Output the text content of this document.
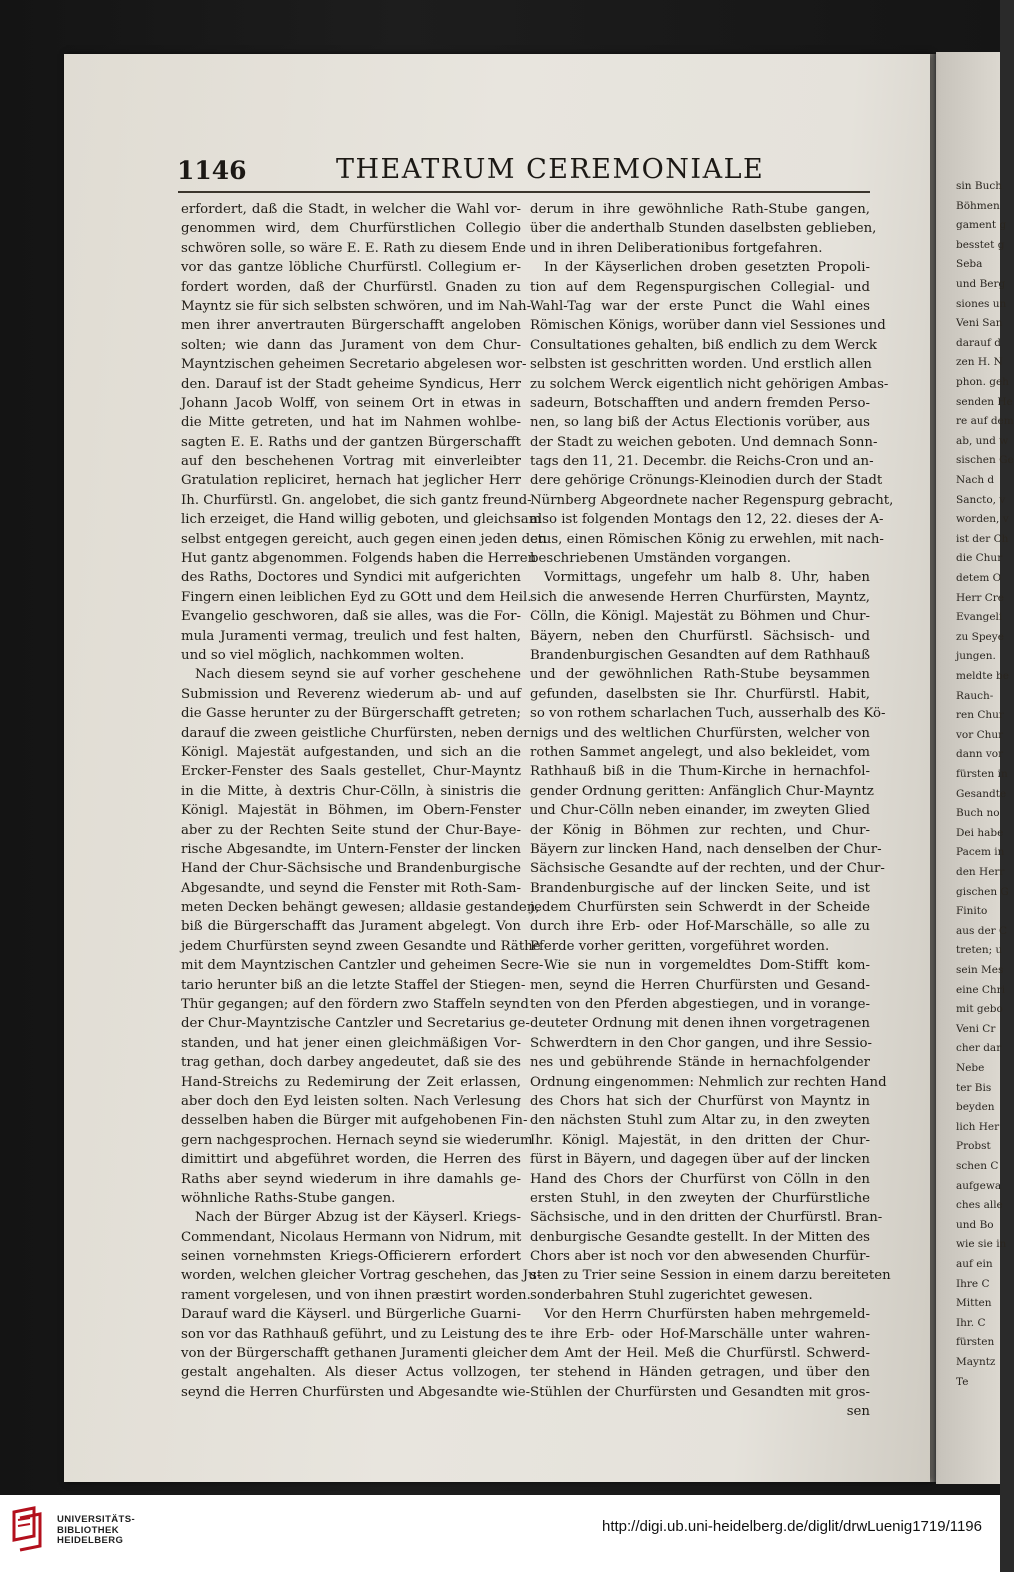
sin Buch
Böhmen
gament g
besstet g
Seba
und Berg
siones un
Veni San
darauf d
zen H. N
phon. geh
senden He
re auf dem
ab, und w
sischen Ge
Nach d
Sancto, v
worden, v
ist der Ch
die Chur
detem O
Herr Cre
Evangeli
zu Speye
jungen.
meldte be
Rauch-
ren Chur
vor Chur
dann vor
fürsten in
Gesandte
Buch no
Dei habe
Pacem in
den Herr
gischen G
Finito
aus der C
treten; u
sein Mes
eine Chri
mit gebo
Veni Cr
cher dar
Nebe
ter Bis
beyden
lich Her
Probst
schen C
aufgewa
ches alle
und Bo
wie sie in
auf ein
Ihre C
Mitten
Ihr. C
fürsten
Mayntz
Te
1146	THEATRUM CEREMONIALE
erfordert, daß die Stadt, in welcher die Wahl vor-
genommen wird, dem Churfürstlichen Collegio
schwören solle, so wäre E. E. Rath zu diesem Ende
vor das gantze löbliche Churfürstl. Collegium er-
fordert worden, daß der Churfürstl. Gnaden zu
Mayntz sie für sich selbsten schwören, und im Nah-
men ihrer anvertrauten Bürgerschafft angeloben
solten; wie dann das Jurament von dem Chur-
Mayntzischen geheimen Secretario abgelesen wor-
den. Darauf ist der Stadt geheime Syndicus, Herr
Johann Jacob Wolff, von seinem Ort in etwas in
die Mitte getreten, und hat im Nahmen wohlbe-
sagten E. E. Raths und der gantzen Bürgerschafft
auf den beschehenen Vortrag mit einverleibter
Gratulation repliciret, hernach hat jeglicher Herr
Ih. Churfürstl. Gn. angelobet, die sich gantz freund-
lich erzeiget, die Hand willig geboten, und gleichsam
selbst entgegen gereicht, auch gegen einen jeden den
Hut gantz abgenommen. Folgends haben die Herren
des Raths, Doctores und Syndici mit aufgerichten
Fingern einen leiblichen Eyd zu GOtt und dem Heil.
Evangelio geschworen, daß sie alles, was die For-
mula Juramenti vermag, treulich und fest halten,
und so viel möglich, nachkommen wolten.
Nach diesem seynd sie auf vorher geschehene
Submission und Reverenz wiederum ab- und auf
die Gasse herunter zu der Bürgerschafft getreten;
darauf die zween geistliche Churfürsten, neben der
Königl. Majestät aufgestanden, und sich an die
Ercker-Fenster des Saals gestellet, Chur-Mayntz
in die Mitte, à dextris Chur-Cölln, à sinistris die
Königl. Majestät in Böhmen, im Obern-Fenster
aber zu der Rechten Seite stund der Chur-Baye-
rische Abgesandte, im Untern-Fenster der lincken
Hand der Chur-Sächsische und Brandenburgische
Abgesandte, und seynd die Fenster mit Roth-Sam-
meten Decken behängt gewesen; alldasie gestanden,
biß die Bürgerschafft das Jurament abgelegt. Von
jedem Churfürsten seynd zween Gesandte und Räthe
mit dem Mayntzischen Cantzler und geheimen Secre-
tario herunter biß an die letzte Staffel der Stiegen-
Thür gegangen; auf den fördern zwo Staffeln seynd
der Chur-Mayntzische Cantzler und Secretarius ge-
standen, und hat jener einen gleichmäßigen Vor-
trag gethan, doch darbey angedeutet, daß sie des
Hand-Streichs zu Redemirung der Zeit erlassen,
aber doch den Eyd leisten solten. Nach Verlesung
desselben haben die Bürger mit aufgehobenen Fin-
gern nachgesprochen. Hernach seynd sie wiederum
dimittirt und abgeführet worden, die Herren des
Raths aber seynd wiederum in ihre damahls ge-
wöhnliche Raths-Stube gangen.
Nach der Bürger Abzug ist der Käyserl. Kriegs-
Commendant, Nicolaus Hermann von Nidrum, mit
seinen vornehmsten Kriegs-Officierern erfordert
worden, welchen gleicher Vortrag geschehen, das Ju-
rament vorgelesen, und von ihnen præstirt worden.
Darauf ward die Käyserl. und Bürgerliche Guarni-
son vor das Rathhauß geführt, und zu Leistung des
von der Bürgerschafft gethanen Juramenti gleicher
gestalt angehalten. Als dieser Actus vollzogen,
seynd die Herren Churfürsten und Abgesandte wie-
derum in ihre gewöhnliche Rath-Stube gangen,
über die anderthalb Stunden daselbsten geblieben,
und in ihren Deliberationibus fortgefahren.
In der Käyserlichen droben gesetzten Propoli-
tion auf dem Regenspurgischen Collegial- und
Wahl-Tag war der erste Punct die Wahl eines
Römischen Königs, worüber dann viel Sessiones und
Consultationes gehalten, biß endlich zu dem Werck
selbsten ist geschritten worden. Und erstlich allen
zu solchem Werck eigentlich nicht gehörigen Ambas-
sadeurn, Botschafften und andern fremden Perso-
nen, so lang biß der Actus Electionis vorüber, aus
der Stadt zu weichen geboten. Und demnach Sonn-
tags den 11, 21. Decembr. die Reichs-Cron und an-
dere gehörige Crönungs-Kleinodien durch der Stadt
Nürnberg Abgeordnete nacher Regenspurg gebracht,
also ist folgenden Montags den 12, 22. dieses der A-
ctus, einen Römischen König zu erwehlen, mit nach-
beschriebenen Umständen vorgangen.
Vormittags, ungefehr um halb 8. Uhr, haben
sich die anwesende Herren Churfürsten, Mayntz,
Cölln, die Königl. Majestät zu Böhmen und Chur-
Bäyern, neben den Churfürstl. Sächsisch- und
Brandenburgischen Gesandten auf dem Rathhauß
und der gewöhnlichen Rath-Stube beysammen
gefunden, daselbsten sie Ihr. Churfürstl. Habit,
so von rothem scharlachen Tuch, ausserhalb des Kö-
nigs und des weltlichen Churfürsten, welcher von
rothen Sammet angelegt, und also bekleidet, vom
Rathhauß biß in die Thum-Kirche in hernachfol-
gender Ordnung geritten: Anfänglich Chur-Mayntz
und Chur-Cölln neben einander, im zweyten Glied
der König in Böhmen zur rechten, und Chur-
Bäyern zur lincken Hand, nach denselben der Chur-
Sächsische Gesandte auf der rechten, und der Chur-
Brandenburgische auf der lincken Seite, und ist
jedem Churfürsten sein Schwerdt in der Scheide
durch ihre Erb- oder Hof-Marschälle, so alle zu
Pferde vorher geritten, vorgeführet worden.
Wie sie nun in vorgemeldtes Dom-Stifft kom-
men, seynd die Herren Churfürsten und Gesand-
ten von den Pferden abgestiegen, und in vorange-
deuteter Ordnung mit denen ihnen vorgetragenen
Schwerdtern in den Chor gangen, und ihre Sessio-
nes und gebührende Stände in hernachfolgender
Ordnung eingenommen: Nehmlich zur rechten Hand
des Chors hat sich der Churfürst von Mayntz in
den nächsten Stuhl zum Altar zu, in den zweyten
Ihr. Königl. Majestät, in den dritten der Chur-
fürst in Bäyern, und dagegen über auf der lincken
Hand des Chors der Churfürst von Cölln in den
ersten Stuhl, in den zweyten der Churfürstliche
Sächsische, und in den dritten der Churfürstl. Bran-
denburgische Gesandte gestellt. In der Mitten des
Chors aber ist noch vor den abwesenden Churfür-
sten zu Trier seine Session in einem darzu bereiteten
sonderbahren Stuhl zugerichtet gewesen.
Vor den Herrn Churfürsten haben mehrgemeld-
te ihre Erb- oder Hof-Marschälle unter wahren-
dem Amt der Heil. Meß die Churfürstl. Schwerd-
ter stehend in Händen getragen, und über den
Stühlen der Churfürsten und Gesandten mit gros-
sen
UNIVERSITÄTS-
BIBLIOTHEK
HEIDELBERG
http://digi.ub.uni-heidelberg.de/diglit/drwLuenig1719/1196
